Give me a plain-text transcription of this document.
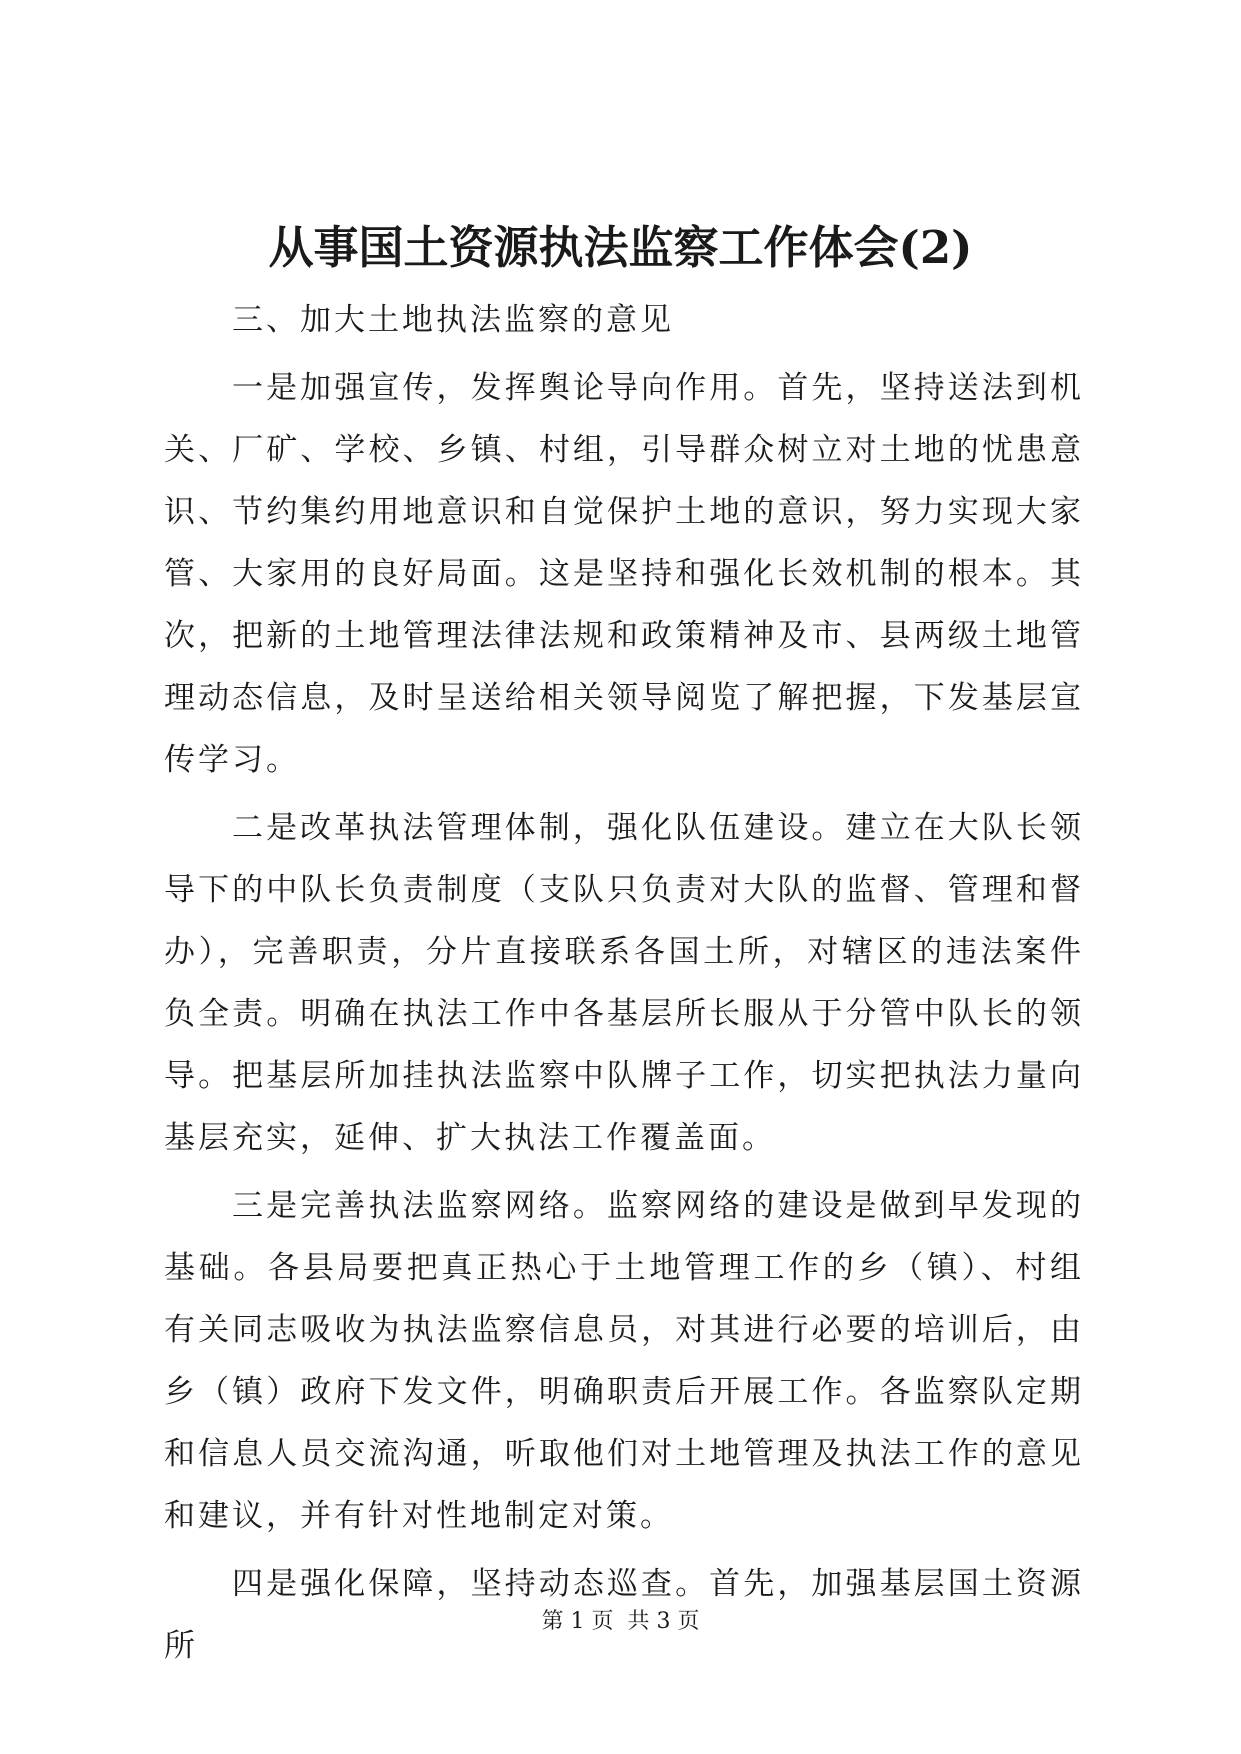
从事国土资源执法监察工作体会(2)

三、加大土地执法监察的意见

一是加强宣传，发挥舆论导向作用。首先，坚持送法到机关、厂矿、学校、乡镇、村组，引导群众树立对土地的忧患意识、节约集约用地意识和自觉保护土地的意识，努力实现大家管、大家用的良好局面。这是坚持和强化长效机制的根本。其次，把新的土地管理法律法规和政策精神及市、县两级土地管理动态信息，及时呈送给相关领导阅览了解把握，下发基层宣传学习。

二是改革执法管理体制，强化队伍建设。建立在大队长领导下的中队长负责制度（支队只负责对大队的监督、管理和督办），完善职责，分片直接联系各国土所，对辖区的违法案件负全责。明确在执法工作中各基层所长服从于分管中队长的领导。把基层所加挂执法监察中队牌子工作，切实把执法力量向基层充实，延伸、扩大执法工作覆盖面。

三是完善执法监察网络。监察网络的建设是做到早发现的基础。各县局要把真正热心于土地管理工作的乡（镇）、村组有关同志吸收为执法监察信息员，对其进行必要的培训后，由乡（镇）政府下发文件，明确职责后开展工作。各监察队定期和信息人员交流沟通，听取他们对土地管理及执法工作的意见和建议，并有针对性地制定对策。

四是强化保障，坚持动态巡查。首先，加强基层国土资源所

第 1 页 共 3 页
